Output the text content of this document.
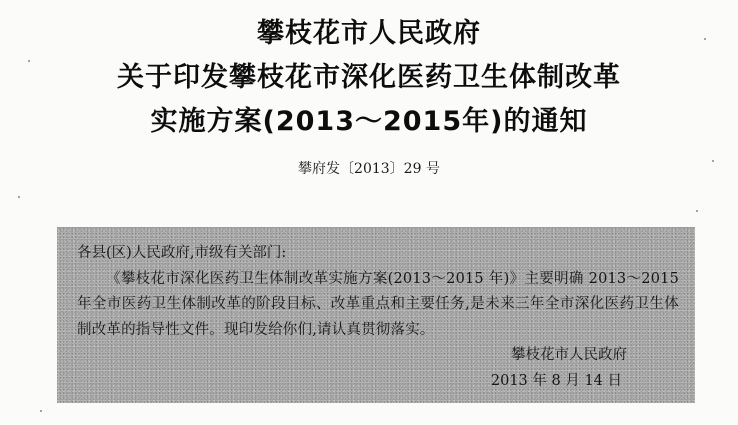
攀枝花市人民政府
关于印发攀枝花市深化医药卫生体制改革
实施方案(2013～2015年)的通知
攀府发〔2013〕29 号
各县(区)人民政府,市级有关部门:

《攀枝花市深化医药卫生体制改革实施方案(2013～2015 年)》主要明确 2013～2015 年全市医药卫生体制改革的阶段目标、改革重点和主要任务,是未来三年全市深化医药卫生体制改革的指导性文件。现印发给你们,请认真贯彻落实。

攀枝花市人民政府
2013 年 8 月 14 日
